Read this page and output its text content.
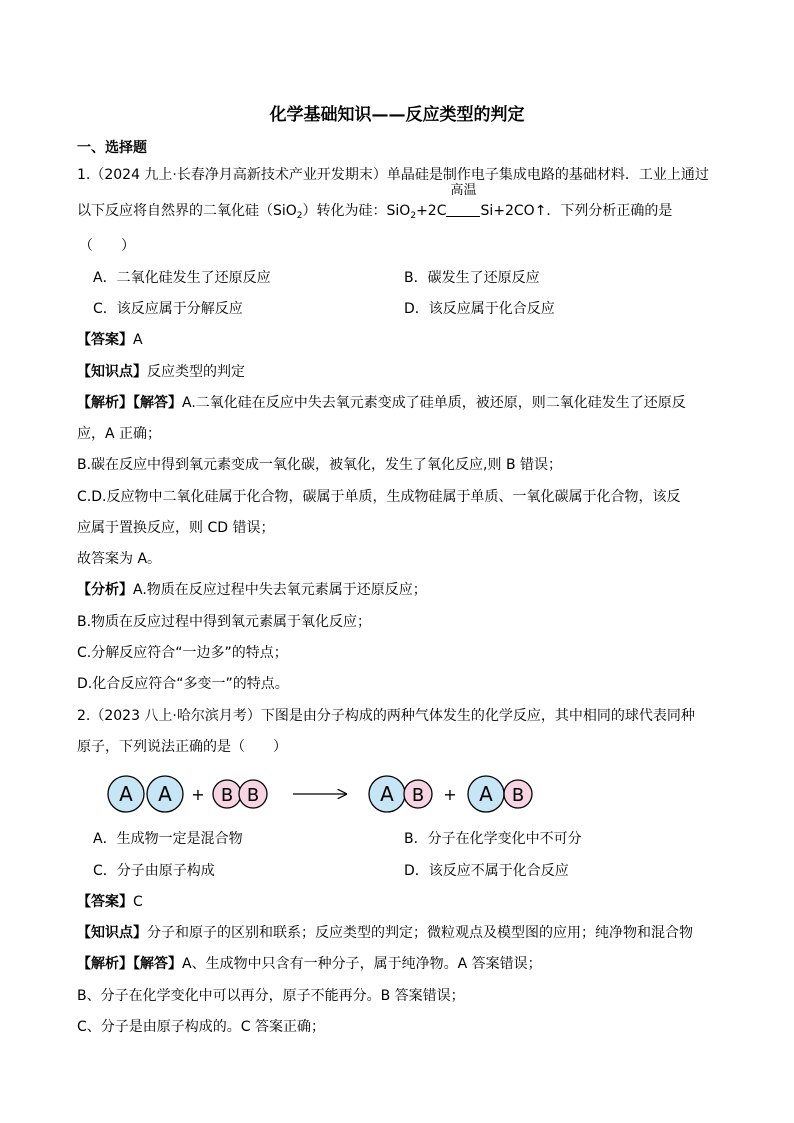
化学基础知识——反应类型的判定
一、选择题
1.（2024 九上·长春净月高新技术产业开发期末）单晶硅是制作电子集成电路的基础材料．工业上通过
以下反应将自然界的二氧化硅（SiO$_2$）转化为硅：SiO$_2$+2C
高温
Si+2CO↑．下列分析正确的是
（　　）
A．二氧化硅发生了还原反应	B．碳发生了还原反应
C．该反应属于分解反应	D．该反应属于化合反应
【答案】A
【知识点】反应类型的判定
【解析】【解答】A.二氧化硅在反应中失去氧元素变成了硅单质，被还原，则二氧化硅发生了还原反
应，A 正确；
B.碳在反应中得到氧元素变成一氧化碳，被氧化，发生了氧化反应,则 B 错误；
C.D.反应物中二氧化硅属于化合物，碳属于单质，生成物硅属于单质、一氧化碳属于化合物，该反
应属于置换反应，则 CD 错误；
故答案为 A。
【分析】A.物质在反应过程中失去氧元素属于还原反应；
B.物质在反应过程中得到氧元素属于氧化反应；
C.分解反应符合“一边多”的特点；
D.化合反应符合“多变一”的特点。
2.（2023 八上·哈尔滨月考）下图是由分子构成的两种气体发生的化学反应，其中相同的球代表同种
原子，下列说法正确的是（　　）
A A + B B	A B + A B
A．生成物一定是混合物	B．分子在化学变化中不可分
C．分子由原子构成	D．该反应不属于化合反应
【答案】C
【知识点】分子和原子的区别和联系；反应类型的判定；微粒观点及模型图的应用；纯净物和混合物
【解析】【解答】A、生成物中只含有一种分子，属于纯净物。A 答案错误；
B、分子在化学变化中可以再分，原子不能再分。B 答案错误；
C、分子是由原子构成的。C 答案正确；
